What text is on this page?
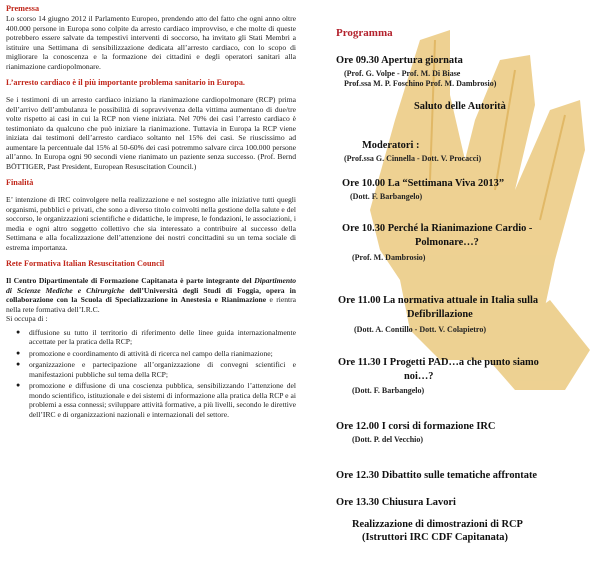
Premessa

Lo scorso 14 giugno 2012 il Parlamento Europeo, prendendo atto del fatto che ogni anno oltre 400.000 persone in Europa sono colpite da arresto cardiaco improvviso, e che molte di queste potrebbero essere salvate da tempestivi interventi di soccorso, ha invitato gli Stati Membri a istituire una Settimana di sensibilizzazione dedicata all’arresto cardiaco, con lo scopo di migliorare la conoscenza e la formazione dei cittadini e degli operatori sanitari alla rianimazione cardiopolmonare.

L’arresto cardiaco è il più importante problema sanitario in Europa.

Se i testimoni di un arresto cardiaco iniziano la rianimazione cardiopolmonare (RCP) prima dell’arrivo dell’ambulanza le possibilità di sopravvivenza della vittima aumentano di due/tre volte rispetto ai casi in cui la RCP non viene iniziata. Nel 70% dei casi l’arresto cardiaco è testimoniato da qualcuno che può iniziare la rianimazione. Tuttavia in Europa la RCP viene iniziata dai testimoni dell’arresto cardiaco soltanto nel 15% dei casi. Se riuscissimo ad aumentare la percentuale dal 15% al 50-60% dei casi potremmo salvare circa 100.000 persone all’anno. In Europa ogni 90 secondi viene rianimato un paziente senza successo. (Prof. Bernd BÖTTIGER, Past President, European Resuscitation Council.)

Finalità

E’ intenzione di IRC coinvolgere nella realizzazione e nel sostegno alle iniziative tutti quegli organismi, pubblici e privati, che sono a diverso titolo coinvolti nella gestione della salute e del soccorso, le organizzazioni scientifiche e didattiche, le imprese, le fondazioni, le associazioni, i media e ogni altro soggetto collettivo che sia interessato a contribuire al successo della Settimana e alla focalizzazione dell’attenzione dei nostri concittadini su un tema sociale di estrema importanza.

Rete Formativa Italian Resuscitation Council

Il Centro Dipartimentale di Formazione Capitanata è parte integrante del Dipartimento di Scienze Mediche e Chirurgiche dell’Università degli Studi di Foggia, opera in collaborazione con la Scuola di Specializzazione in Anestesia e Rianimazione e rientra nella rete formativa dell’I.R.C.

Si occupa di :

● diffusione su tutto il territorio di riferimento delle linee guida internazionalmente accettate per la pratica della RCP;
● promozione e coordinamento di attività di ricerca nel campo della rianimazione;
● organizzazione e partecipazione all’organizzazione di convegni scientifici e manifestazioni pubbliche sul tema della RCP;
● promozione e diffusione di una coscienza pubblica, sensibilizzando l’attenzione del mondo scientifico, istituzionale e dei sistemi di informazione alla pratica della RCP e ai problemi a essa connessi; sviluppare attività formative, a più livelli, secondo le direttive dell’IRC e di organizzazioni nazionali e internazionali del settore.
Programma
Ore 09.30 Apertura giornata
(Prof. G. Volpe - Prof. M. Di Biase
Prof.ssa M. P. Foschino Prof. M. Dambrosio)
Saluto delle Autorità
Moderatori :
(Prof.ssa G. Cinnella - Dott. V. Procacci)
Ore 10.00 La “Settimana Viva 2013”
(Dott. F. Barbangelo)
Ore 10.30 Perché la Rianimazione Cardio -
Polmonare…?
(Prof. M. Dambrosio)
Ore 11.00 La normativa attuale in Italia sulla
Defibrillazione
(Dott. A. Contillo - Dott. V. Colapietro)
Ore 11.30 I Progetti PAD…a che punto siamo
noi…?
(Dott. F. Barbangelo)
Ore 12.00 I corsi di formazione IRC
(Dott. P. del Vecchio)
Ore 12.30 Dibattito sulle tematiche affrontate
Ore 13.30 Chiusura Lavori
Realizzazione di dimostrazioni di RCP
(Istruttori IRC CDF Capitanata)
